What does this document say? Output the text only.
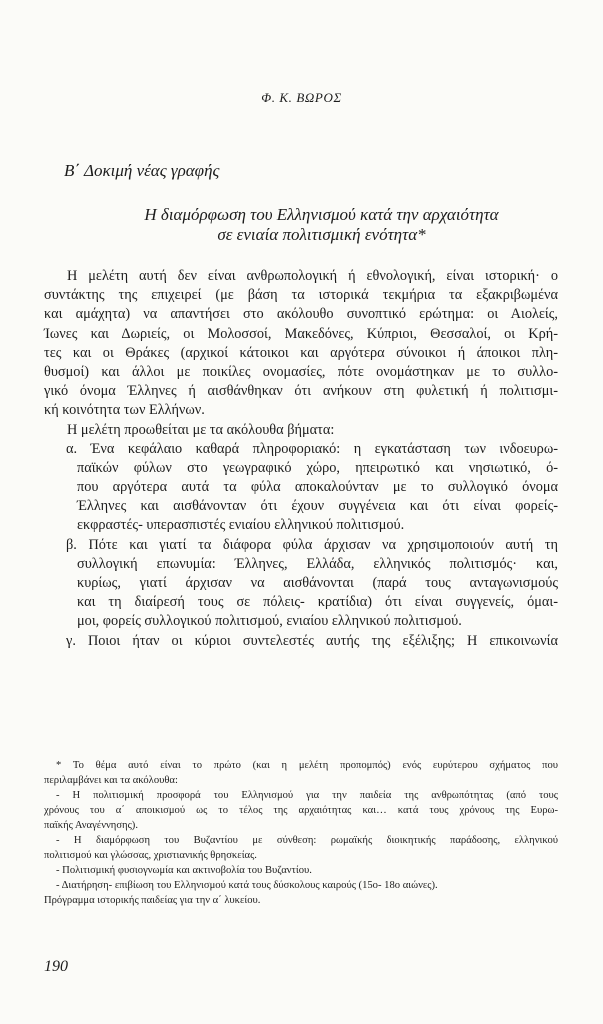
Φ. Κ. ΒΩΡΟΣ
Β΄ Δοκιμή νέας γραφής
Η διαμόρφωση του Ελληνισμού κατά την αρχαιότητα
σε ενιαία πολιτισμική ενότητα*
Η μελέτη αυτή δεν είναι ανθρωπολογική ή εθνολογική, είναι ιστορική· ο
συντάκτης της επιχειρεί (με βάση τα ιστορικά τεκμήρια τα εξακριβωμένα
και αμάχητα) να απαντήσει στο ακόλουθο συνοπτικό ερώτημα: οι Αιολείς,
Ίωνες και Δωριείς, οι Μολοσσοί, Μακεδόνες, Κύπριοι, Θεσσαλοί, οι Κρή-
τες και οι Θράκες (αρχικοί κάτοικοι και αργότερα σύνοικοι ή άποικοι πλη-
θυσμοί) και άλλοι με ποικίλες ονομασίες, πότε ονομάστηκαν με το συλλο-
γικό όνομα Έλληνες ή αισθάνθηκαν ότι ανήκουν στη φυλετική ή πολιτισμι-
κή κοινότητα των Ελλήνων.
Η μελέτη προωθείται με τα ακόλουθα βήματα:
α. Ένα κεφάλαιο καθαρά πληροφοριακό: η εγκατάσταση των ινδοευρω-
παϊκών φύλων στο γεωγραφικό χώρο, ηπειρωτικό και νησιωτικό, ό-
που αργότερα αυτά τα φύλα αποκαλούνταν με το συλλογικό όνομα
Έλληνες και αισθάνονταν ότι έχουν συγγένεια και ότι είναι φορείς-
εκφραστές- υπερασπιστές ενιαίου ελληνικού πολιτισμού.
β. Πότε και γιατί τα διάφορα φύλα άρχισαν να χρησιμοποιούν αυτή τη
συλλογική επωνυμία: Έλληνες, Ελλάδα, ελληνικός πολιτισμός· και,
κυρίως, γιατί άρχισαν να αισθάνονται (παρά τους ανταγωνισμούς
και τη διαίρεσή τους σε πόλεις- κρατίδια) ότι είναι συγγενείς, όμαι-
μοι, φορείς συλλογικού πολιτισμού, ενιαίου ελληνικού πολιτισμού.
γ. Ποιοι ήταν οι κύριοι συντελεστές αυτής της εξέλιξης; Η επικοινωνία
* Το θέμα αυτό είναι το πρώτο (και η μελέτη προπομπός) ενός ευρύτερου σχήματος που
περιλαμβάνει και τα ακόλουθα:
- Η πολιτισμική προσφορά του Ελληνισμού για την παιδεία της ανθρωπότητας (από τους
χρόνους του α΄ αποικισμού ως το τέλος της αρχαιότητας και… κατά τους χρόνους της Ευρω-
παϊκής Αναγέννησης).
- Η διαμόρφωση του Βυζαντίου με σύνθεση: ρωμαϊκής διοικητικής παράδοσης, ελληνικού
πολιτισμού και γλώσσας, χριστιανικής θρησκείας.
- Πολιτισμική φυσιογνωμία και ακτινοβολία του Βυζαντίου.
- Διατήρηση- επιβίωση του Ελληνισμού κατά τους δύσκολους καιρούς (15ο- 18ο αιώνες).
Πρόγραμμα ιστορικής παιδείας για την α΄ λυκείου.
190
